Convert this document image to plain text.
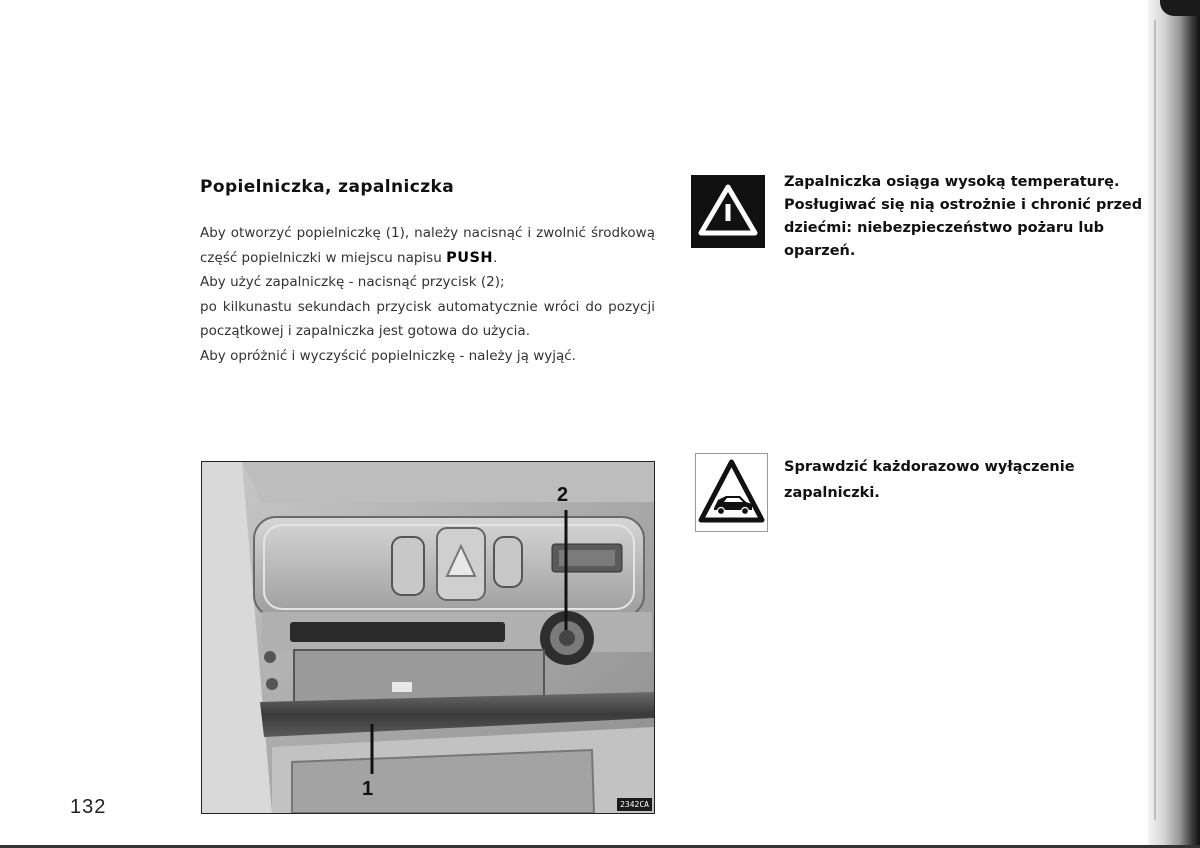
Popielniczka, zapalniczka

Aby otworzyć popielniczkę (1), należy nacisnąć i zwolnić środkową część popielniczki w miejscu napisu PUSH.

Aby użyć zapalniczkę - nacisnąć przycisk (2);

po kilkunastu sekundach przycisk automatycznie wróci do pozycji początkowej i zapalniczka jest gotowa do użycia.

Aby opróżnić i wyczyścić popielniczkę - należy ją wyjąć.

Zapalniczka osiąga wysoką temperaturę. Posługiwać się nią ostrożnie i chronić przed dziećmi: niebezpieczeństwo pożaru lub oparzeń.

Sprawdzić każdorazowo wyłączenie zapalniczki.

1
2
2342CA
132
